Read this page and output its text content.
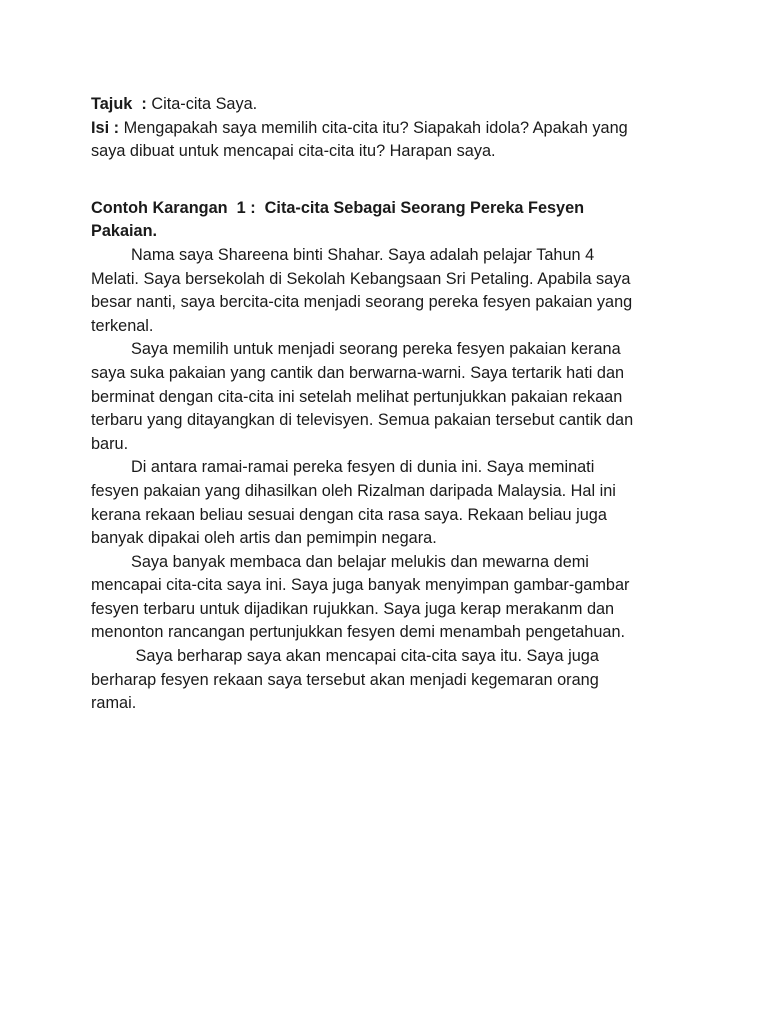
Tajuk  : Cita-cita Saya.
Isi : Mengapakah saya memilih cita-cita itu? Siapakah idola? Apakah yang
saya dibuat untuk mencapai cita-cita itu? Harapan saya.
Contoh Karangan  1 :  Cita-cita Sebagai Seorang Pereka Fesyen
Pakaian.
Nama saya Shareena binti Shahar. Saya adalah pelajar Tahun 4
Melati. Saya bersekolah di Sekolah Kebangsaan Sri Petaling. Apabila saya
besar nanti, saya bercita-cita menjadi seorang pereka fesyen pakaian yang
terkenal.
Saya memilih untuk menjadi seorang pereka fesyen pakaian kerana
saya suka pakaian yang cantik dan berwarna-warni. Saya tertarik hati dan
berminat dengan cita-cita ini setelah melihat pertunjukkan pakaian rekaan
terbaru yang ditayangkan di televisyen. Semua pakaian tersebut cantik dan
baru.
Di antara ramai-ramai pereka fesyen di dunia ini. Saya meminati
fesyen pakaian yang dihasilkan oleh Rizalman daripada Malaysia. Hal ini
kerana rekaan beliau sesuai dengan cita rasa saya. Rekaan beliau juga
banyak dipakai oleh artis dan pemimpin negara.
Saya banyak membaca dan belajar melukis dan mewarna demi
mencapai cita-cita saya ini. Saya juga banyak menyimpan gambar-gambar
fesyen terbaru untuk dijadikan rujukkan. Saya juga kerap merakanm dan
menonton rancangan pertunjukkan fesyen demi menambah pengetahuan.
Saya berharap saya akan mencapai cita-cita saya itu. Saya juga
berharap fesyen rekaan saya tersebut akan menjadi kegemaran orang
ramai.
